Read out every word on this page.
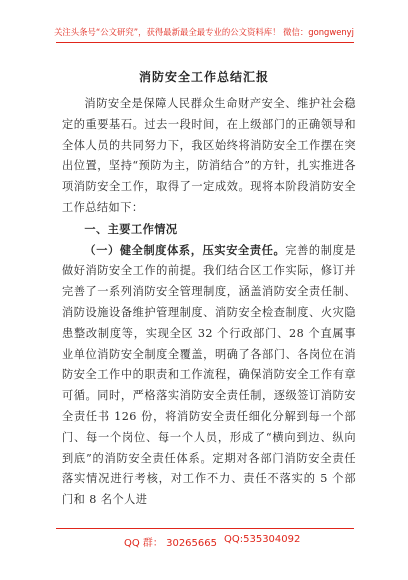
关注头条号“公文研究”，获得最新最全最专业的公文资料库！ 微信：gongwenyj
消防安全工作总结汇报

消防安全是保障人民群众生命财产安全、维护社会稳定的重要基石。过去一段时间，在上级部门的正确领导和全体人员的共同努力下，我区始终将消防安全工作摆在突出位置，坚持“预防为主，防消结合”的方针，扎实推进各项消防安全工作，取得了一定成效。现将本阶段消防安全工作总结如下：

一、主要工作情况

（一）健全制度体系，压实安全责任。完善的制度是做好消防安全工作的前提。我们结合区工作实际，修订并完善了一系列消防安全管理制度，涵盖消防安全责任制、消防设施设备维护管理制度、消防安全检查制度、火灾隐患整改制度等，实现全区 32 个行政部门、28 个直属事业单位消防安全制度全覆盖，明确了各部门、各岗位在消防安全工作中的职责和工作流程，确保消防安全工作有章可循。同时，严格落实消防安全责任制，逐级签订消防安全责任书 126 份，将消防安全责任细化分解到每一个部门、每一个岗位、每一个人员，形成了“横向到边、纵向到底”的消防安全责任体系。定期对各部门消防安全责任落实情况进行考核，对工作不力、责任不落实的 5 个部门和 8 名个人进

QQ 群： 30265665 QQ:535304092
